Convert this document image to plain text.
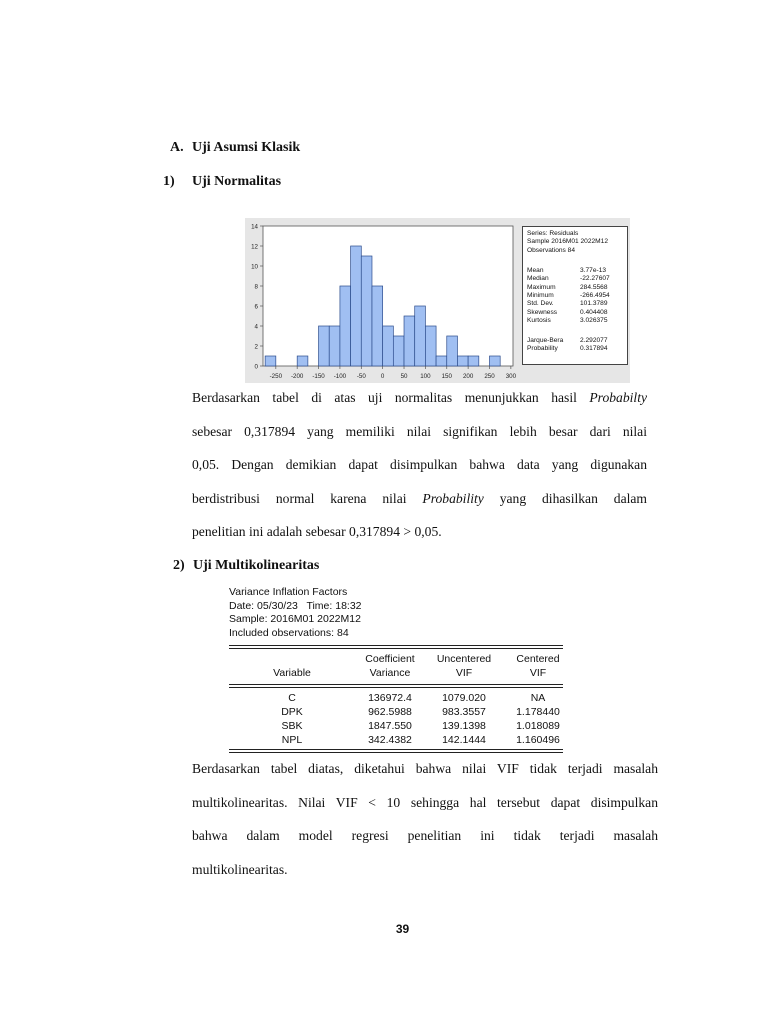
A. Uji Asumsi Klasik
1) Uji Normalitas
0
2
4
6
8
10
12
14
-250 -200 -150 -100 -50 0	50 100 150 200 250 300
Series: Residuals
Sample 2016M01 2022M12
Observations 84
Mean	3.77e-13
Median	-22.27607
Maximum	284.5568
Minimum	-266.4954
Std. Dev.	101.3789
Skewness	0.404408
Kurtosis	3.026375
Jarque-Bera	2.292077
Probability	0.317894
Berdasarkan tabel di atas uji normalitas menunjukkan hasil Probabilty
sebesar 0,317894 yang memiliki nilai signifikan lebih besar dari nilai
0,05. Dengan demikian dapat disimpulkan bahwa data yang digunakan
berdistribusi normal karena nilai Probability yang dihasilkan dalam
penelitian ini adalah sebesar 0,317894 > 0,05.
2) Uji Multikolinearitas
Variance Inflation Factors
Date: 05/30/23   Time: 18:32
Sample: 2016M01 2022M12
Included observations: 84
Coefficient	Uncentered	Centered
Variable	Variance	VIF	VIF
C	136972.4	1079.020	NA
DPK	962.5988	983.3557	1.178440
SBK	1847.550	139.1398	1.018089
NPL	342.4382	142.1444	1.160496
Berdasarkan tabel diatas, diketahui bahwa nilai VIF tidak terjadi masalah
multikolinearitas. Nilai VIF < 10 sehingga hal tersebut dapat disimpulkan
bahwa dalam model regresi penelitian ini tidak terjadi masalah
multikolinearitas.
39
